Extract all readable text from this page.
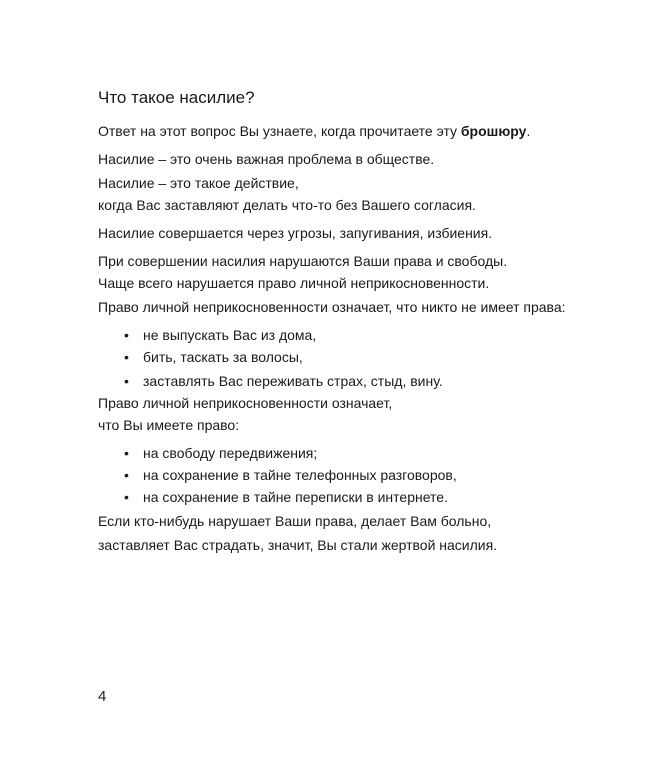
Что такое насилие?
Ответ на этот вопрос Вы узнаете, когда прочитаете эту брошюру.
Насилие – это очень важная проблема в обществе.
Насилие – это такое действие,
когда Вас заставляют делать что-то без Вашего согласия.
Насилие совершается через угрозы, запугивания, избиения.
При совершении насилия нарушаются Ваши права и свободы.
Чаще всего нарушается право личной неприкосновенности.
Право личной неприкосновенности означает, что никто не имеет права:
• не выпускать Вас из дома,
• бить, таскать за волосы,
• заставлять Вас переживать страх, стыд, вину.
Право личной неприкосновенности означает,
что Вы имеете право:
• на свободу передвижения;
• на сохранение в тайне телефонных разговоров,
• на сохранение в тайне переписки в интернете.
Если кто-нибудь нарушает Ваши права, делает Вам больно,
заставляет Вас страдать, значит, Вы стали жертвой насилия.
4
